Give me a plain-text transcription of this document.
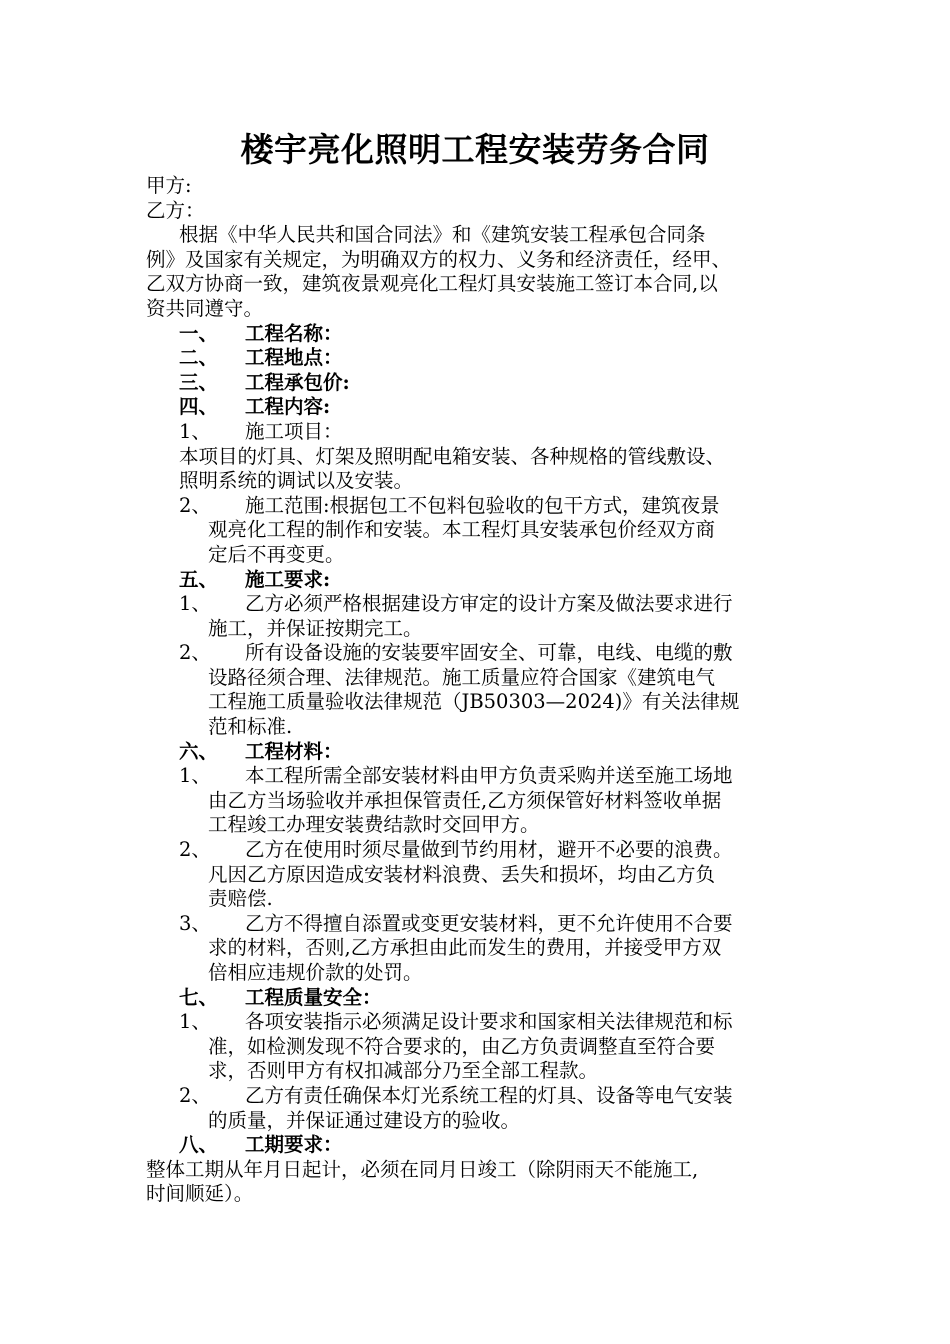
楼宇亮化照明工程安装劳务合同
甲方:
乙方：
根据《中华人民共和国合同法》和《建筑安装工程承包合同条
例》及国家有关规定，为明确双方的权力、义务和经济责任，经甲、
乙双方协商一致，建筑夜景观亮化工程灯具安装施工签订本合同,以
资共同遵守。
一、 工程名称：
二、 工程地点：
三、 工程承包价:
四、 工程内容:
1、 施工项目：
本项目的灯具、灯架及照明配电箱安装、各种规格的管线敷设、
照明系统的调试以及安装。
2、 施工范围:根据包工不包料包验收的包干方式，建筑夜景
观亮化工程的制作和安装。本工程灯具安装承包价经双方商
定后不再变更。
五、 施工要求:
1、 乙方必须严格根据建设方审定的设计方案及做法要求进行
施工，并保证按期完工。
2、 所有设备设施的安装要牢固安全、可靠，电线、电缆的敷
设路径须合理、法律规范。施工质量应符合国家《建筑电气
工程施工质量验收法律规范（JB50303—2024)》有关法律规
范和标准.
六、 工程材料：
1、 本工程所需全部安装材料由甲方负责采购并送至施工场地
由乙方当场验收并承担保管责任,乙方须保管好材料签收单据
工程竣工办理安装费结款时交回甲方。
2、 乙方在使用时须尽量做到节约用材，避开不必要的浪费。
凡因乙方原因造成安装材料浪费、丢失和损坏，均由乙方负
责赔偿.
3、 乙方不得擅自添置或变更安装材料，更不允许使用不合要
求的材料，否则,乙方承担由此而发生的费用，并接受甲方双
倍相应违规价款的处罚。
七、 工程质量安全：
1、 各项安装指示必须满足设计要求和国家相关法律规范和标
准，如检测发现不符合要求的，由乙方负责调整直至符合要
求，否则甲方有权扣减部分乃至全部工程款。
2、 乙方有责任确保本灯光系统工程的灯具、设备等电气安装
的质量，并保证通过建设方的验收。
八、 工期要求：
整体工期从年月日起计，必须在同月日竣工（除阴雨天不能施工,
时间顺延）。
